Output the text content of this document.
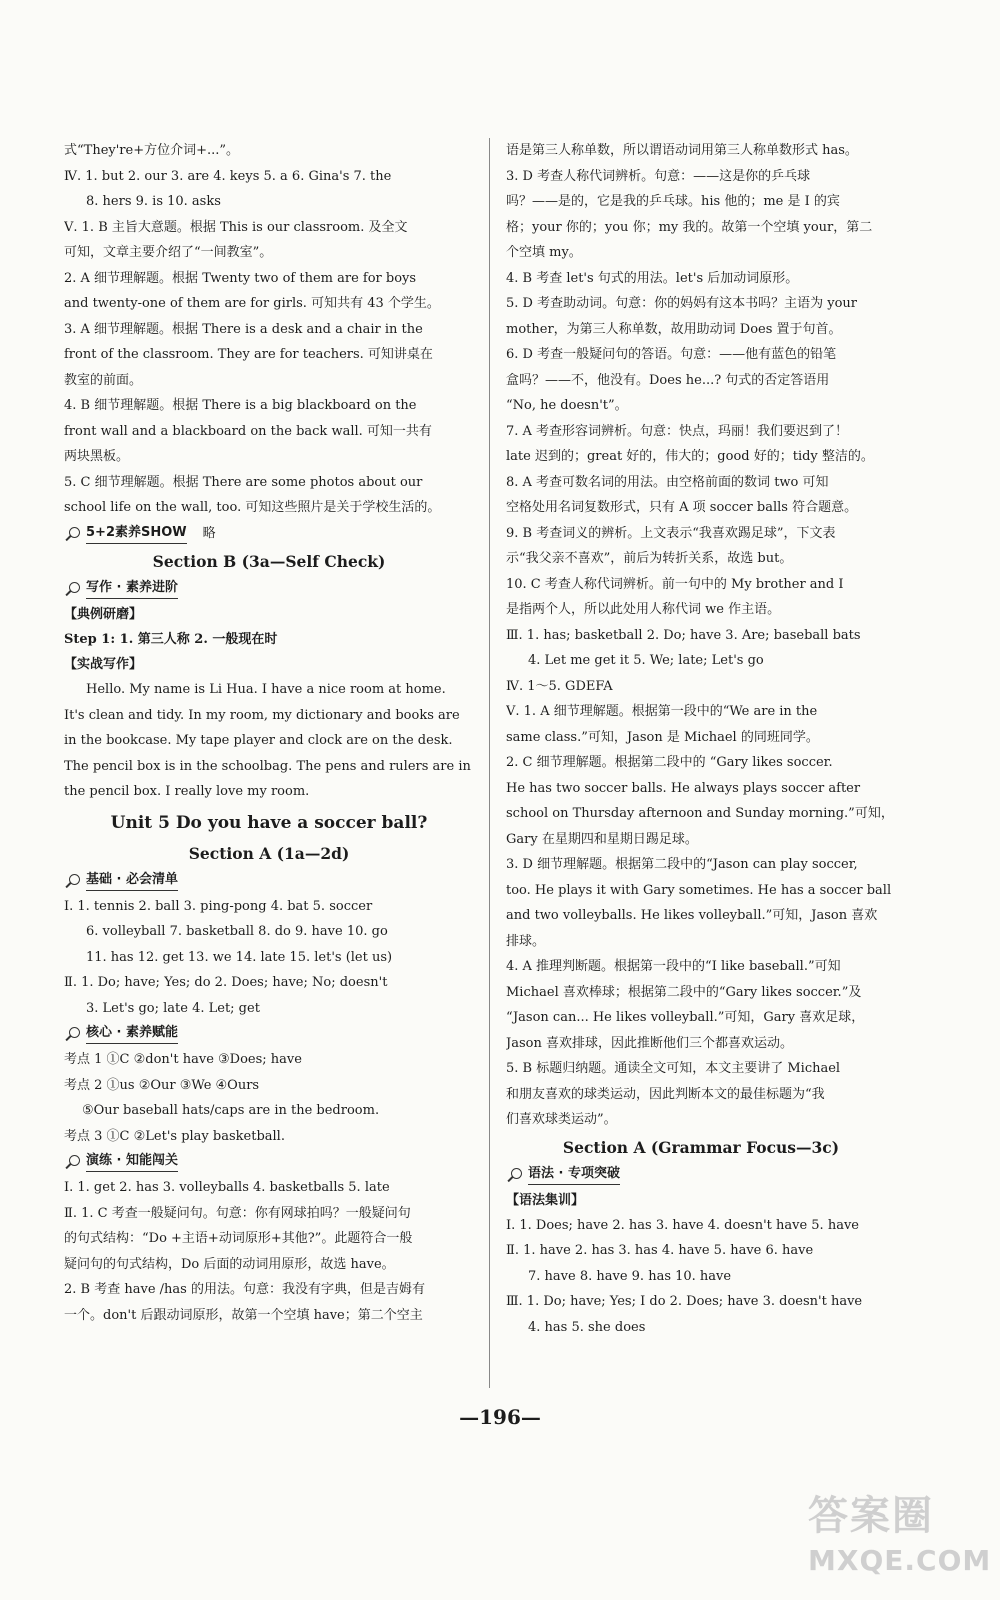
式“They're+方位介词+...”。
Ⅳ. 1. but 2. our 3. are 4. keys 5. a 6. Gina's 7. the
8. hers 9. is 10. asks
Ⅴ. 1. B 主旨大意题。根据 This is our classroom. 及全文
可知，文章主要介绍了“一间教室”。
2. A 细节理解题。根据 Twenty two of them are for boys
and twenty-one of them are for girls. 可知共有 43 个学生。
3. A 细节理解题。根据 There is a desk and a chair in the
front of the classroom. They are for teachers. 可知讲桌在
教室的前面。
4. B 细节理解题。根据 There is a big blackboard on the
front wall and a blackboard on the back wall. 可知一共有
两块黑板。
5. C 细节理解题。根据 There are some photos about our
school life on the wall, too. 可知这些照片是关于学校生活的。
5+2素养SHOW 略
Section B (3a—Self Check)
写作 · 素养进阶
【典例研磨】
Step 1: 1. 第三人称 2. 一般现在时
【实战写作】
Hello. My name is Li Hua. I have a nice room at home.
It's clean and tidy. In my room, my dictionary and books are
in the bookcase. My tape player and clock are on the desk.
The pencil box is in the schoolbag. The pens and rulers are in
the pencil box. I really love my room.
Unit 5 Do you have a soccer ball?
Section A (1a—2d)
基础 · 必会清单
Ⅰ. 1. tennis 2. ball 3. ping-pong 4. bat 5. soccer
6. volleyball 7. basketball 8. do 9. have 10. go
11. has 12. get 13. we 14. late 15. let's (let us)
Ⅱ. 1. Do; have; Yes; do 2. Does; have; No; doesn't
3. Let's go; late 4. Let; get
核心 · 素养赋能
考点 1 ①C ②don't have ③Does; have
考点 2 ①us ②Our ③We ④Ours
⑤Our baseball hats/caps are in the bedroom.
考点 3 ①C ②Let's play basketball.
演练 · 知能闯关
Ⅰ. 1. get 2. has 3. volleyballs 4. basketballs 5. late
Ⅱ. 1. C 考查一般疑问句。句意：你有网球拍吗？一般疑问句
的句式结构：“Do +主语+动词原形+其他?”。此题符合一般
疑问句的句式结构，Do 后面的动词用原形，故选 have。
2. B 考查 have /has 的用法。句意：我没有字典，但是吉姆有
一个。don't 后跟动词原形，故第一个空填 have；第二个空主
语是第三人称单数，所以谓语动词用第三人称单数形式 has。
3. D 考查人称代词辨析。句意：——这是你的乒乓球
吗？——是的，它是我的乒乓球。his 他的；me 是 I 的宾
格；your 你的；you 你；my 我的。故第一个空填 your，第二
个空填 my。
4. B 考查 let's 句式的用法。let's 后加动词原形。
5. D 考查助动词。句意：你的妈妈有这本书吗？主语为 your
mother，为第三人称单数，故用助动词 Does 置于句首。
6. D 考查一般疑问句的答语。句意：——他有蓝色的铅笔
盒吗？——不，他没有。Does he...? 句式的否定答语用
“No, he doesn't”。
7. A 考查形容词辨析。句意：快点，玛丽！我们要迟到了！
late 迟到的；great 好的，伟大的；good 好的；tidy 整洁的。
8. A 考查可数名词的用法。由空格前面的数词 two 可知
空格处用名词复数形式，只有 A 项 soccer balls 符合题意。
9. B 考查词义的辨析。上文表示“我喜欢踢足球”，下文表
示“我父亲不喜欢”，前后为转折关系，故选 but。
10. C 考查人称代词辨析。前一句中的 My brother and I
是指两个人，所以此处用人称代词 we 作主语。
Ⅲ. 1. has; basketball 2. Do; have 3. Are; baseball bats
4. Let me get it 5. We; late; Let's go
Ⅳ. 1～5. GDEFA
Ⅴ. 1. A 细节理解题。根据第一段中的“We are in the
same class.”可知，Jason 是 Michael 的同班同学。
2. C 细节理解题。根据第二段中的 “Gary likes soccer.
He has two soccer balls. He always plays soccer after
school on Thursday afternoon and Sunday morning.”可知，
Gary 在星期四和星期日踢足球。
3. D 细节理解题。根据第二段中的“Jason can play soccer,
too. He plays it with Gary sometimes. He has a soccer ball
and two volleyballs. He likes volleyball.”可知，Jason 喜欢
排球。
4. A 推理判断题。根据第一段中的“I like baseball.”可知
Michael 喜欢棒球；根据第二段中的“Gary likes soccer.”及
“Jason can... He likes volleyball.”可知，Gary 喜欢足球，
Jason 喜欢排球，因此推断他们三个都喜欢运动。
5. B 标题归纳题。通读全文可知，本文主要讲了 Michael
和朋友喜欢的球类运动，因此判断本文的最佳标题为“我
们喜欢球类运动”。
Section A (Grammar Focus—3c)
语法 · 专项突破
【语法集训】
Ⅰ. 1. Does; have 2. has 3. have 4. doesn't have 5. have
Ⅱ. 1. have 2. has 3. has 4. have 5. have 6. have
7. have 8. have 9. has 10. have
Ⅲ. 1. Do; have; Yes; I do 2. Does; have 3. doesn't have
4. has 5. she does
—196—
答案圈
MXQE.COM
